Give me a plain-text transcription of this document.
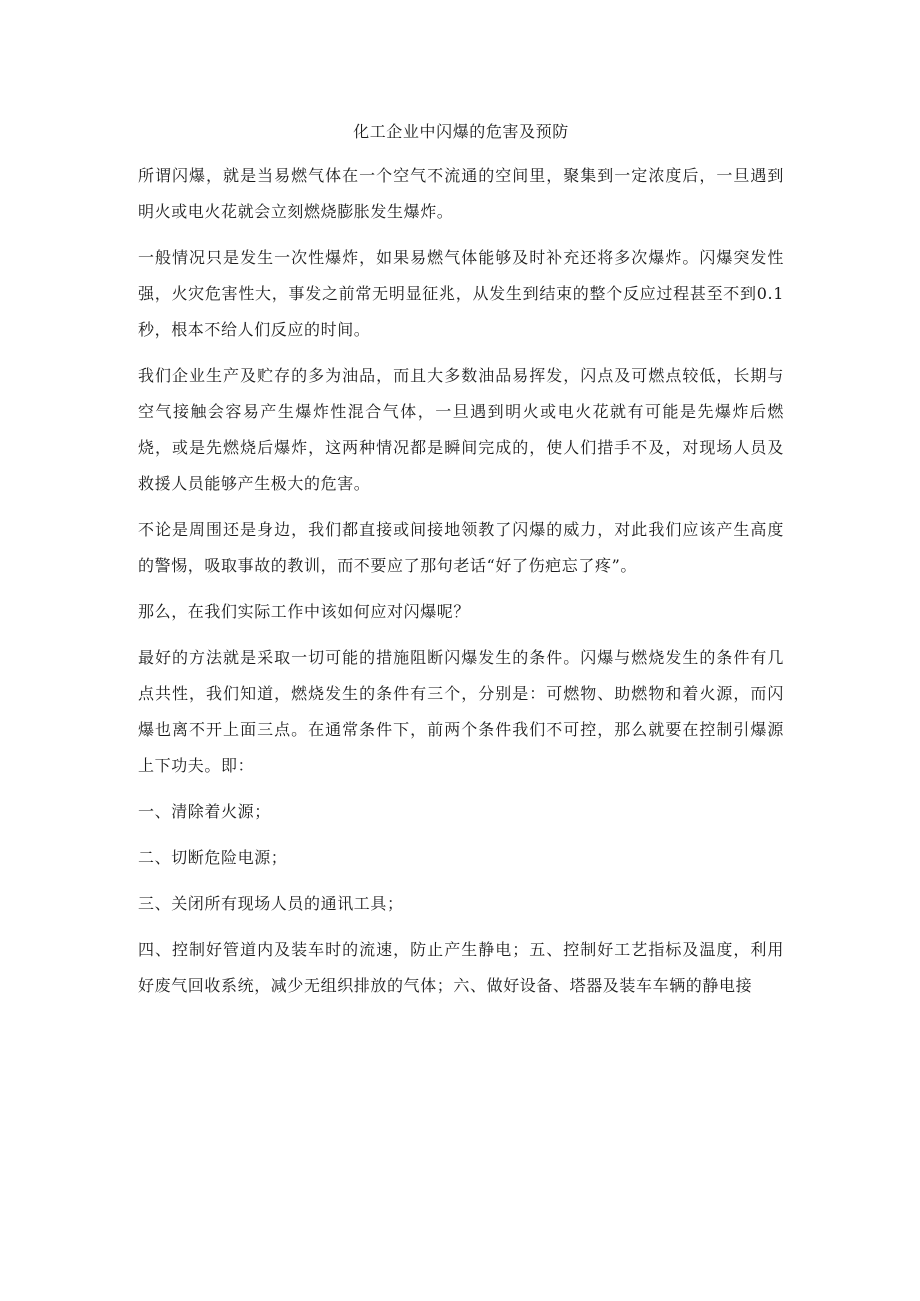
化工企业中闪爆的危害及预防

所谓闪爆，就是当易燃气体在一个空气不流通的空间里，聚集到一定浓度后，一旦遇到明火或电火花就会立刻燃烧膨胀发生爆炸。

一般情况只是发生一次性爆炸，如果易燃气体能够及时补充还将多次爆炸。闪爆突发性强，火灾危害性大，事发之前常无明显征兆，从发生到结束的整个反应过程甚至不到0.1秒，根本不给人们反应的时间。

我们企业生产及贮存的多为油品，而且大多数油品易挥发，闪点及可燃点较低，长期与空气接触会容易产生爆炸性混合气体，一旦遇到明火或电火花就有可能是先爆炸后燃烧，或是先燃烧后爆炸，这两种情况都是瞬间完成的，使人们措手不及，对现场人员及救援人员能够产生极大的危害。

不论是周围还是身边，我们都直接或间接地领教了闪爆的威力，对此我们应该产生高度的警惕，吸取事故的教训，而不要应了那句老话“好了伤疤忘了疼”。

那么，在我们实际工作中该如何应对闪爆呢？

最好的方法就是采取一切可能的措施阻断闪爆发生的条件。闪爆与燃烧发生的条件有几点共性，我们知道，燃烧发生的条件有三个，分别是：可燃物、助燃物和着火源，而闪爆也离不开上面三点。在通常条件下，前两个条件我们不可控，那么就要在控制引爆源上下功夫。即：

一、清除着火源；

二、切断危险电源；

三、关闭所有现场人员的通讯工具；

四、控制好管道内及装车时的流速，防止产生静电；五、控制好工艺指标及温度，利用好废气回收系统，减少无组织排放的气体；六、做好设备、塔器及装车车辆的静电接
